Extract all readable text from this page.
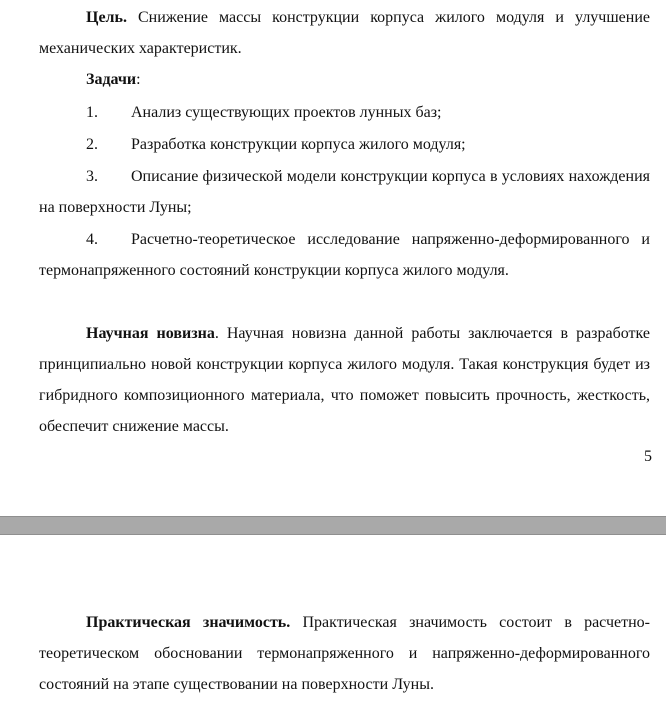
Цель. Снижение массы конструкции корпуса жилого модуля и улучшение механических характеристик.

Задачи:

1.	Анализ существующих проектов лунных баз;

2.	Разработка конструкции корпуса жилого модуля;

3.	Описание физической модели конструкции корпуса в условиях нахождения на поверхности Луны;

4.	Расчетно-теоретическое исследование напряженно-деформированного и термонапряженного состояний конструкции корпуса жилого модуля.

Научная новизна. Научная новизна данной работы заключается в разработке принципиально новой конструкции корпуса жилого модуля. Такая конструкция будет из гибридного композиционного материала, что поможет повысить прочность, жесткость, обеспечит снижение массы.

5

Практическая значимость. Практическая значимость состоит в расчетно-теоретическом обосновании термонапряженного и напряженно-деформированного состояний на этапе существовании на поверхности Луны.
